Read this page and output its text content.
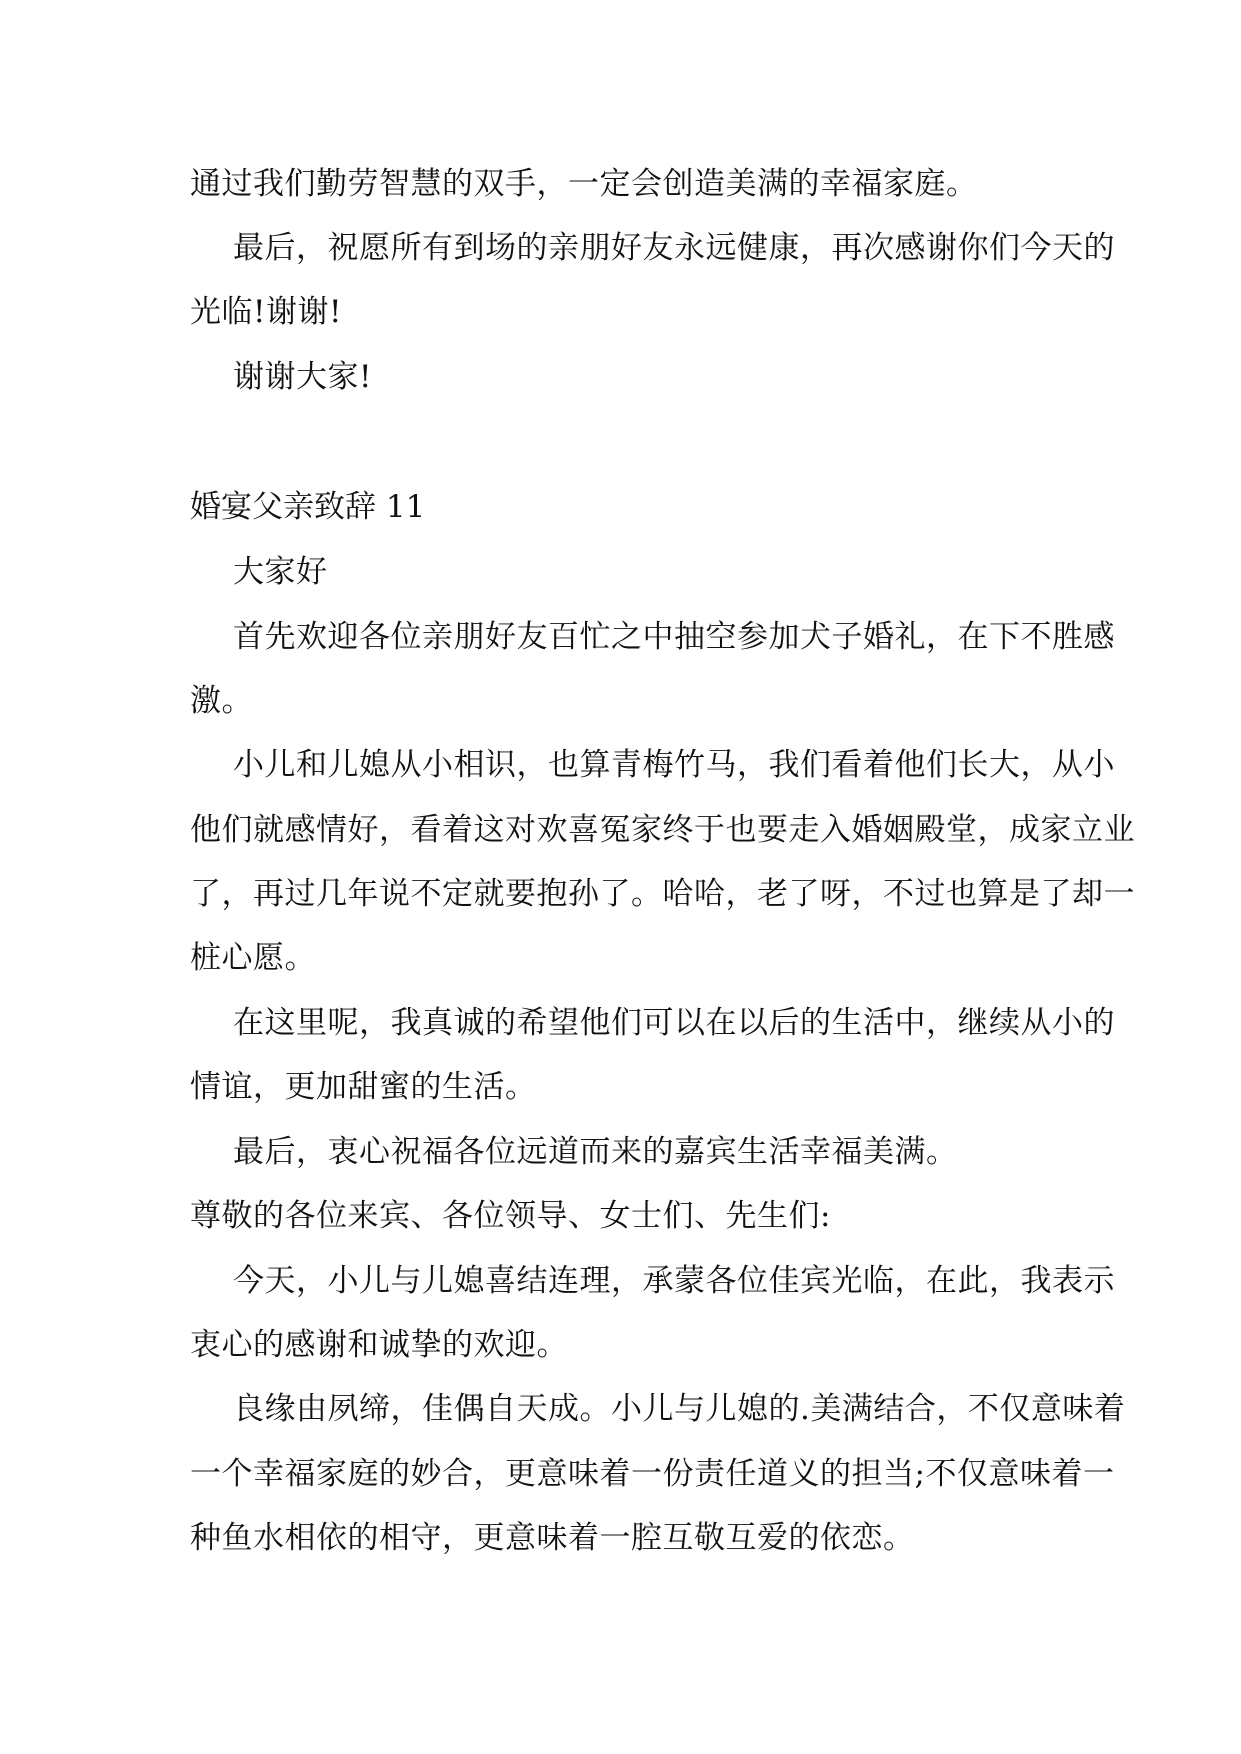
通过我们勤劳智慧的双手，一定会创造美满的幸福家庭。
最后，祝愿所有到场的亲朋好友永远健康，再次感谢你们今天的
光临!谢谢!
谢谢大家!
婚宴父亲致辞 11
大家好
首先欢迎各位亲朋好友百忙之中抽空参加犬子婚礼，在下不胜感
激。
小儿和儿媳从小相识，也算青梅竹马，我们看着他们长大，从小
他们就感情好，看着这对欢喜冤家终于也要走入婚姻殿堂，成家立业
了，再过几年说不定就要抱孙了。哈哈，老了呀，不过也算是了却一
桩心愿。
在这里呢，我真诚的希望他们可以在以后的生活中，继续从小的
情谊，更加甜蜜的生活。
最后，衷心祝福各位远道而来的嘉宾生活幸福美满。
尊敬的各位来宾、各位领导、女士们、先生们:
今天，小儿与儿媳喜结连理，承蒙各位佳宾光临，在此，我表示
衷心的感谢和诚挚的欢迎。
良缘由夙缔，佳偶自天成。小儿与儿媳的.美满结合，不仅意味着
一个幸福家庭的妙合，更意味着一份责任道义的担当;不仅意味着一
种鱼水相依的相守，更意味着一腔互敬互爱的依恋。
